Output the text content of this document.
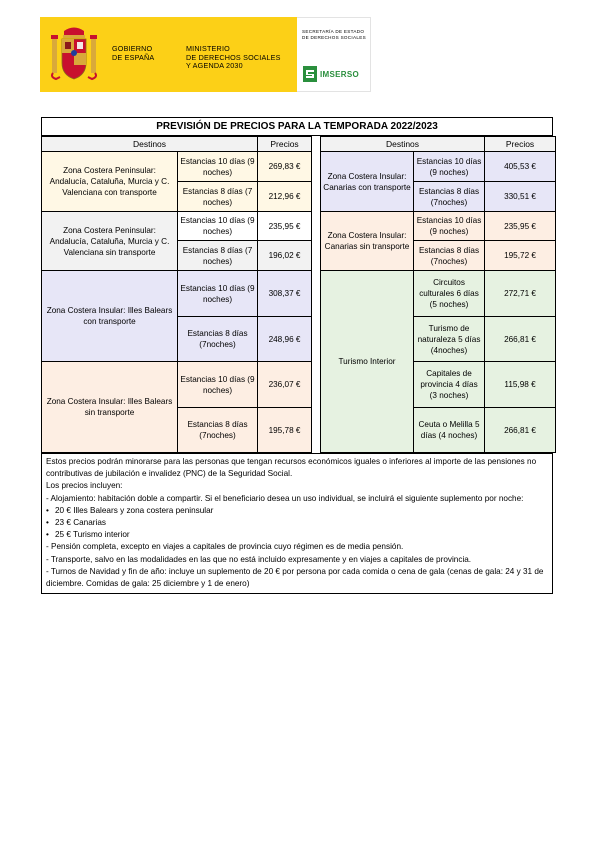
GOBIERNO
DE ESPAÑA
MINISTERIO
DE DERECHOS SOCIALES
Y AGENDA 2030
SECRETARÍA DE ESTADO
DE DERECHOS SOCIALES
IMSERSO
PREVISIÓN DE PRECIOS PARA LA TEMPORADA 2022/2023
Destinos		Precios
Zona Costera Peninsular: Andalucía, Cataluña, Murcia y C. Valenciana con transporte	Estancias 10 días (9 noches)	269,83 €
	Estancias 8 días (7 noches)	212,96 €
Zona Costera Peninsular: Andalucía, Cataluña, Murcia y C. Valenciana sin transporte	Estancias 10 días (9 noches)	235,95 €
	Estancias 8 días (7 noches)	196,02 €
Zona Costera Insular: Illes Balears con transporte	Estancias 10 días (9 noches)	308,37 €
	Estancias 8 días (7noches)	248,96 €
Zona Costera Insular: Illes Balears sin transporte	Estancias 10 días (9 noches)	236,07 €
	Estancias 8 días (7noches)	195,78 €
Destinos		Precios
Zona Costera Insular: Canarias con transporte	Estancias 10 días (9 noches)	405,53 €
	Estancias 8 días (7noches)	330,51 €
Zona Costera Insular: Canarias sin transporte	Estancias 10 días (9 noches)	235,95 €
	Estancias 8 días (7noches)	195,72 €
Turismo Interior	Circuitos culturales 6 días (5 noches)	272,71 €
	Turismo de naturaleza 5 días (4noches)	266,81 €
	Capitales de provincia 4 días (3 noches)	115,98 €
	Ceuta o Melilla 5 días (4 noches)	266,81 €

Estos precios podrán minorarse para las personas que tengan recursos económicos iguales o inferiores al importe de las pensiones no contributivas de jubilación e invalidez (PNC) de la Seguridad Social.

Los precios incluyen:

- Alojamiento: habitación doble a compartir. Si el beneficiario desea un uso individual, se incluirá el siguiente suplemento por noche:

• 20 € Illes Balears y zona costera peninsular

• 23 € Canarias

• 25 € Turismo interior

- Pensión completa, excepto en viajes a capitales de provincia cuyo régimen es de media pensión.

- Transporte, salvo en las modalidades en las que no está incluido expresamente y en viajes a capitales de provincia.

- Turnos de Navidad y fin de año: incluye un suplemento de 20 € por persona por cada comida o cena de gala (cenas de gala: 24 y 31 de diciembre. Comidas de gala: 25 diciembre y 1 de enero)
